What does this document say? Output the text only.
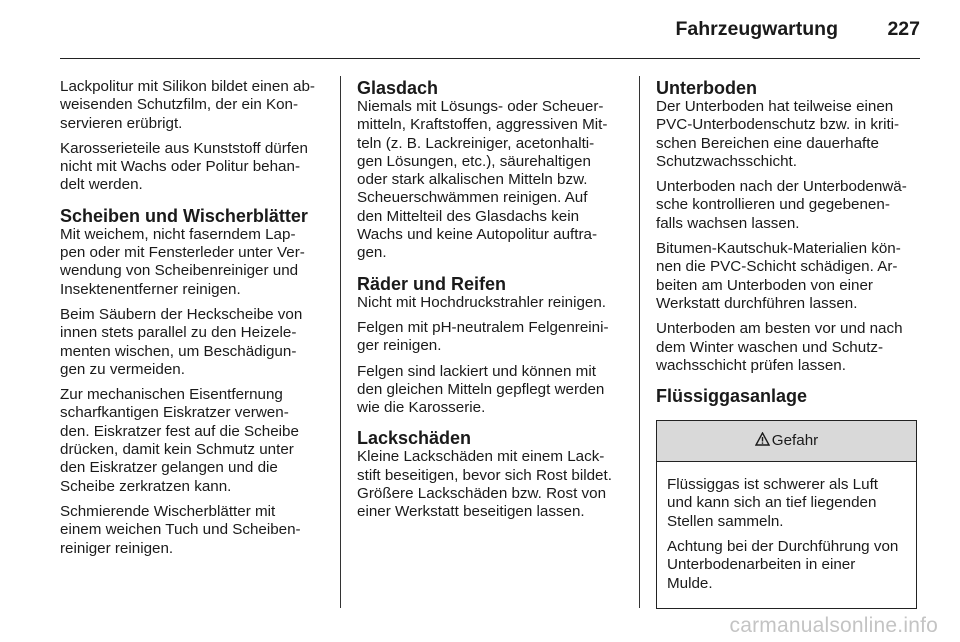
Fahrzeugwartung	227

Lackpolitur mit Silikon bildet einen ab-
weisenden Schutzfilm, der ein Kon-
servieren erübrigt.

Karosserieteile aus Kunststoff dürfen
nicht mit Wachs oder Politur behan-
delt werden.

Scheiben und Wischerblätter

Mit weichem, nicht faserndem Lap-
pen oder mit Fensterleder unter Ver-
wendung von Scheibenreiniger und
Insektenentferner reinigen.

Beim Säubern der Heckscheibe von
innen stets parallel zu den Heizele-
menten wischen, um Beschädigun-
gen zu vermeiden.

Zur mechanischen Eisentfernung
scharfkantigen Eiskratzer verwen-
den. Eiskratzer fest auf die Scheibe
drücken, damit kein Schmutz unter
den Eiskratzer gelangen und die
Scheibe zerkratzen kann.

Schmierende Wischerblätter mit
einem weichen Tuch und Scheiben-
reiniger reinigen.

Glasdach

Niemals mit Lösungs- oder Scheuer-
mitteln, Kraftstoffen, aggressiven Mit-
teln (z. B. Lackreiniger, acetonhalti-
gen Lösungen, etc.), säurehaltigen
oder stark alkalischen Mitteln bzw.
Scheuerschwämmen reinigen. Auf
den Mittelteil des Glasdachs kein
Wachs und keine Autopolitur auftra-
gen.

Räder und Reifen

Nicht mit Hochdruckstrahler reinigen.

Felgen mit pH-neutralem Felgenreini-
ger reinigen.

Felgen sind lackiert und können mit
den gleichen Mitteln gepflegt werden
wie die Karosserie.

Lackschäden

Kleine Lackschäden mit einem Lack-
stift beseitigen, bevor sich Rost bildet.
Größere Lackschäden bzw. Rost von
einer Werkstatt beseitigen lassen.

Unterboden

Der Unterboden hat teilweise einen
PVC-Unterbodenschutz bzw. in kriti-
schen Bereichen eine dauerhafte
Schutzwachsschicht.

Unterboden nach der Unterbodenwä-
sche kontrollieren und gegebenen-
falls wachsen lassen.

Bitumen-Kautschuk-Materialien kön-
nen die PVC-Schicht schädigen. Ar-
beiten am Unterboden von einer
Werkstatt durchführen lassen.

Unterboden am besten vor und nach
dem Winter waschen und Schutz-
wachsschicht prüfen lassen.

Flüssiggasanlage
Gefahr

Flüssiggas ist schwerer als Luft
und kann sich an tief liegenden
Stellen sammeln.

Achtung bei der Durchführung von
Unterbodenarbeiten in einer
Mulde.

carmanualsonline.info
